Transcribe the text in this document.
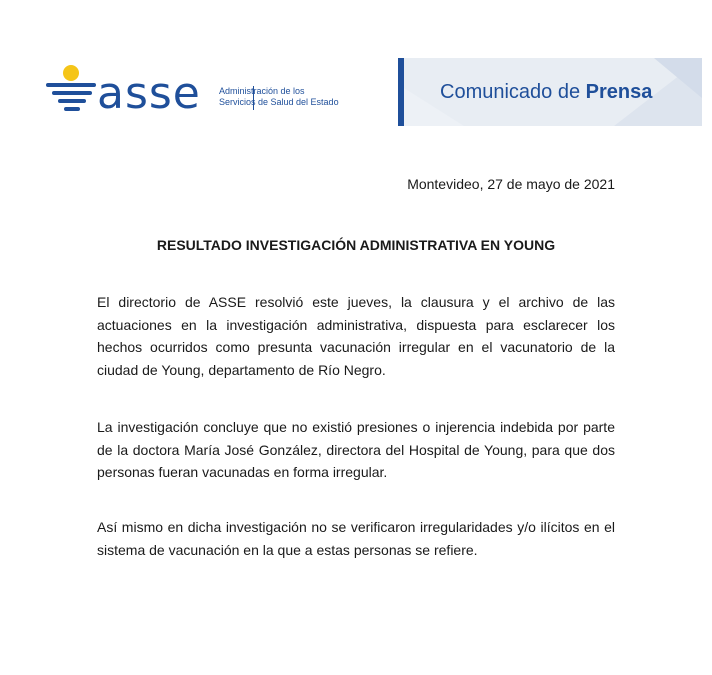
asse Administración de los
Servicios de Salud del Estado	Comunicado de Prensa
Montevideo, 27 de mayo de 2021
RESULTADO INVESTIGACIÓN ADMINISTRATIVA EN YOUNG

El directorio de ASSE resolvió este jueves, la clausura y el archivo de las actuaciones en la investigación administrativa, dispuesta para esclarecer los hechos ocurridos como presunta vacunación irregular en el vacunatorio de la ciudad de Young, departamento de Río Negro.

La investigación concluye que no existió presiones o injerencia indebida por parte de la doctora María José González, directora del Hospital de Young, para que dos personas fueran vacunadas en forma irregular.

Así mismo en dicha investigación no se verificaron irregularidades y/o ilícitos en el sistema de vacunación en la que a estas personas se refiere.
